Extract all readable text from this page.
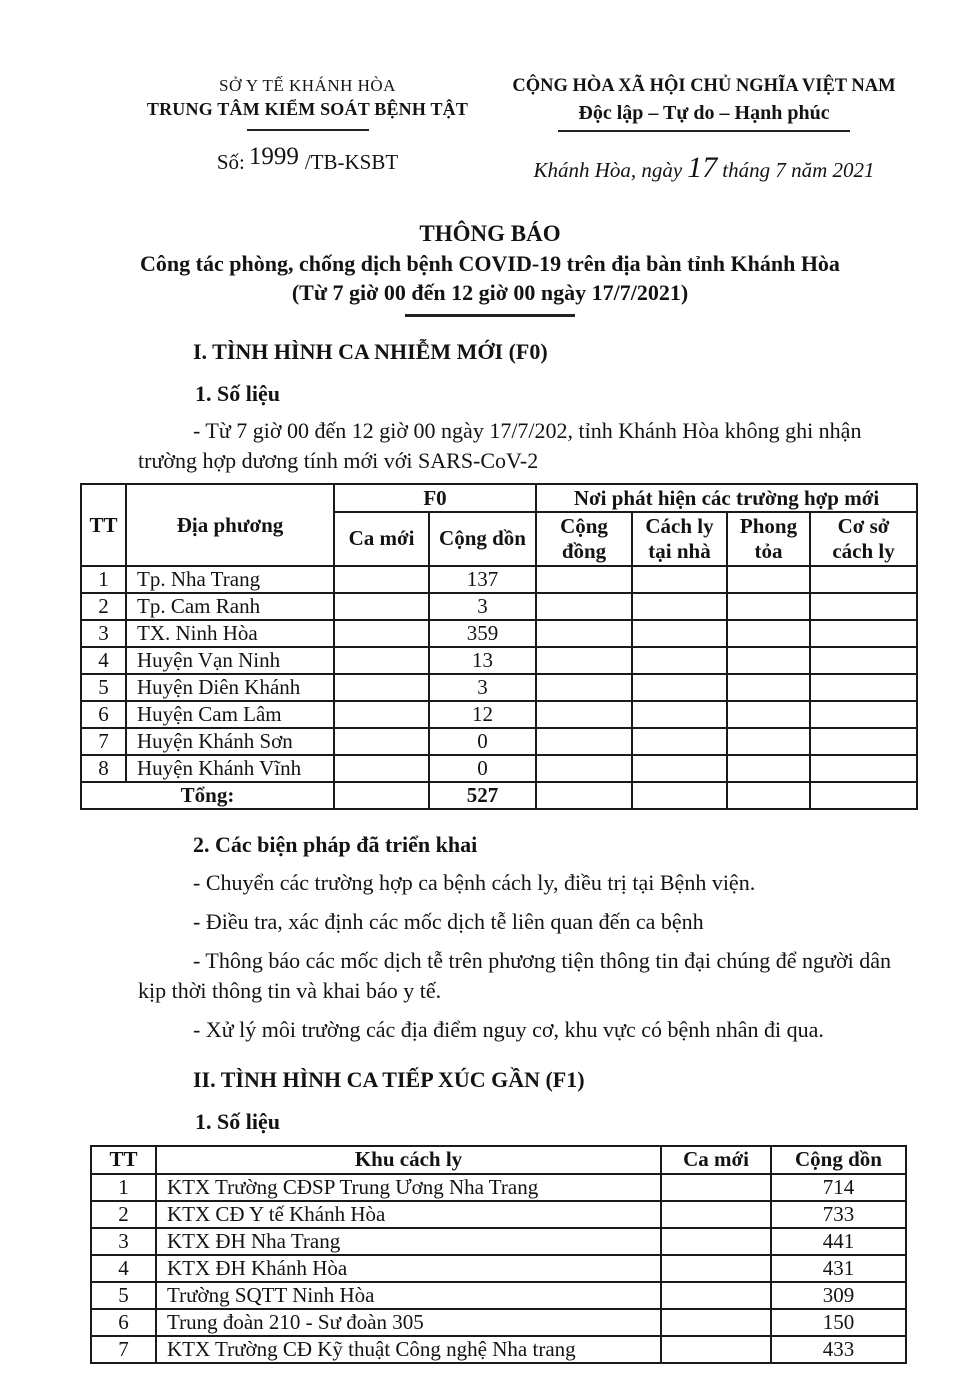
SỞ Y TẾ KHÁNH HÒA
TRUNG TÂM KIỂM SOÁT BỆNH TẬT
Số: 1999 /TB-KSBT
CỘNG HÒA XÃ HỘI CHỦ NGHĨA VIỆT NAM
Độc lập – Tự do – Hạnh phúc
Khánh Hòa, ngày 17 tháng 7 năm 2021
THÔNG BÁO
Công tác phòng, chống dịch bệnh COVID-19 trên địa bàn tỉnh Khánh Hòa
(Từ 7 giờ 00 đến 12 giờ 00 ngày 17/7/2021)
I. TÌNH HÌNH CA NHIỄM MỚI (F0)
1. Số liệu

- Từ 7 giờ 00 đến 12 giờ 00 ngày 17/7/202, tỉnh Khánh Hòa không ghi nhận trường hợp dương tính mới với SARS-CoV-2

TT	Địa phương	F0		Nơi phát hiện các trường hợp mới			
		Ca mới	Cộng dồn	Cộng đồng	Cách ly tại nhà	Phong tỏa	Cơ sở cách ly
1	Tp. Nha Trang		137				
2	Tp. Cam Ranh		3				
3	TX. Ninh Hòa		359				
4	Huyện Vạn Ninh		13				
5	Huyện Diên Khánh		3				
6	Huyện Cam Lâm		12				
7	Huyện Khánh Sơn		0				
8	Huyện Khánh Vĩnh		0				
Tổng:			527				
2. Các biện pháp đã triển khai

- Chuyển các trường hợp ca bệnh cách ly, điều trị tại Bệnh viện.

- Điều tra, xác định các mốc dịch tễ liên quan đến ca bệnh

- Thông báo các mốc dịch tễ trên phương tiện thông tin đại chúng để người dân kịp thời thông tin và khai báo y tế.

- Xử lý môi trường các địa điểm nguy cơ, khu vực có bệnh nhân đi qua.

II. TÌNH HÌNH CA TIẾP XÚC GẦN (F1)
1. Số liệu
TT	Khu cách ly	Ca mới	Cộng dồn
1	KTX Trường CĐSP Trung Ương Nha Trang		714
2	KTX CĐ Y tế Khánh Hòa		733
3	KTX ĐH Nha Trang		441
4	KTX ĐH Khánh Hòa		431
5	Trường SQTT Ninh Hòa		309
6	Trung đoàn 210 - Sư đoàn 305		150
7	KTX Trường CĐ Kỹ thuật Công nghệ Nha trang		433
